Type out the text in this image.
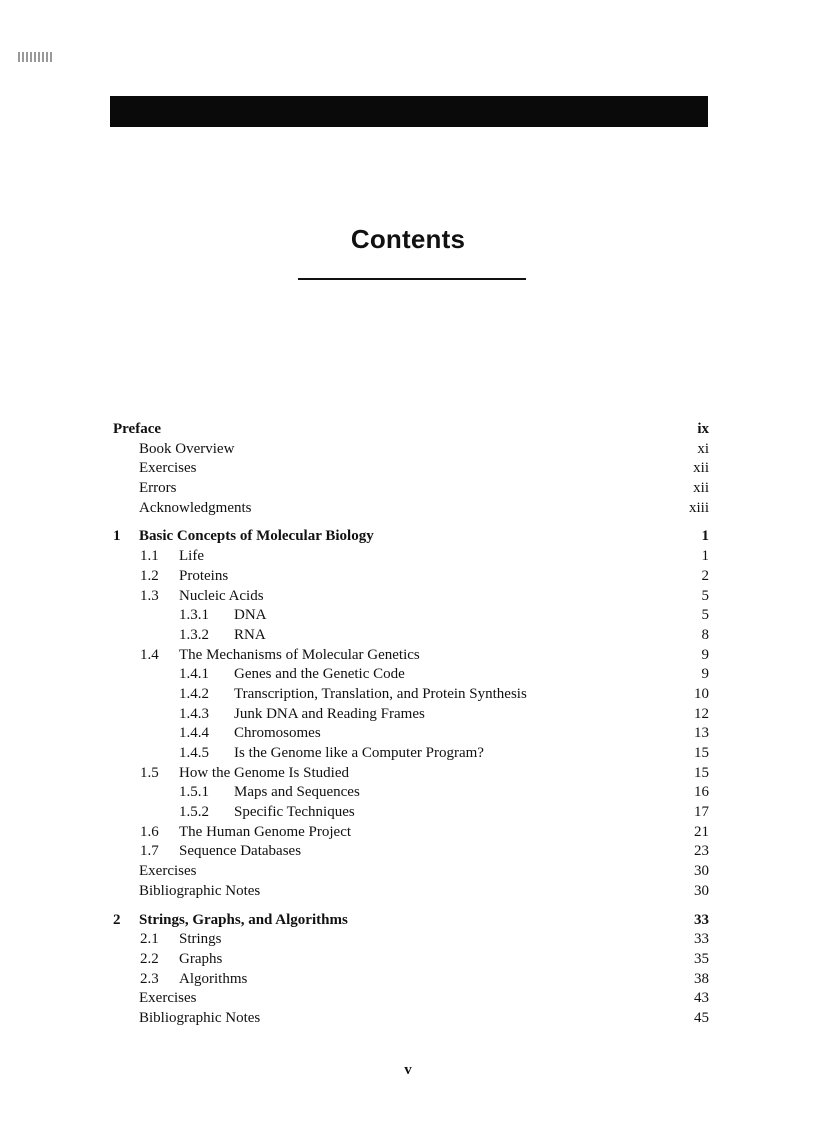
Contents
Preface	ix
Book Overview	xi
Exercises	xii
Errors	xii
Acknowledgments	xiii
1 Basic Concepts of Molecular Biology	1
1.1 Life	1
1.2 Proteins	2
1.3 Nucleic Acids	5
1.3.1 DNA	5
1.3.2 RNA	8
1.4 The Mechanisms of Molecular Genetics	9
1.4.1 Genes and the Genetic Code	9
1.4.2 Transcription, Translation, and Protein Synthesis	10
1.4.3 Junk DNA and Reading Frames	12
1.4.4 Chromosomes	13
1.4.5 Is the Genome like a Computer Program?	15
1.5 How the Genome Is Studied	15
1.5.1 Maps and Sequences	16
1.5.2 Specific Techniques	17
1.6 The Human Genome Project	21
1.7 Sequence Databases	23
Exercises	30
Bibliographic Notes	30
2 Strings, Graphs, and Algorithms	33
2.1 Strings	33
2.2 Graphs	35
2.3 Algorithms	38
Exercises	43
Bibliographic Notes	45
v
